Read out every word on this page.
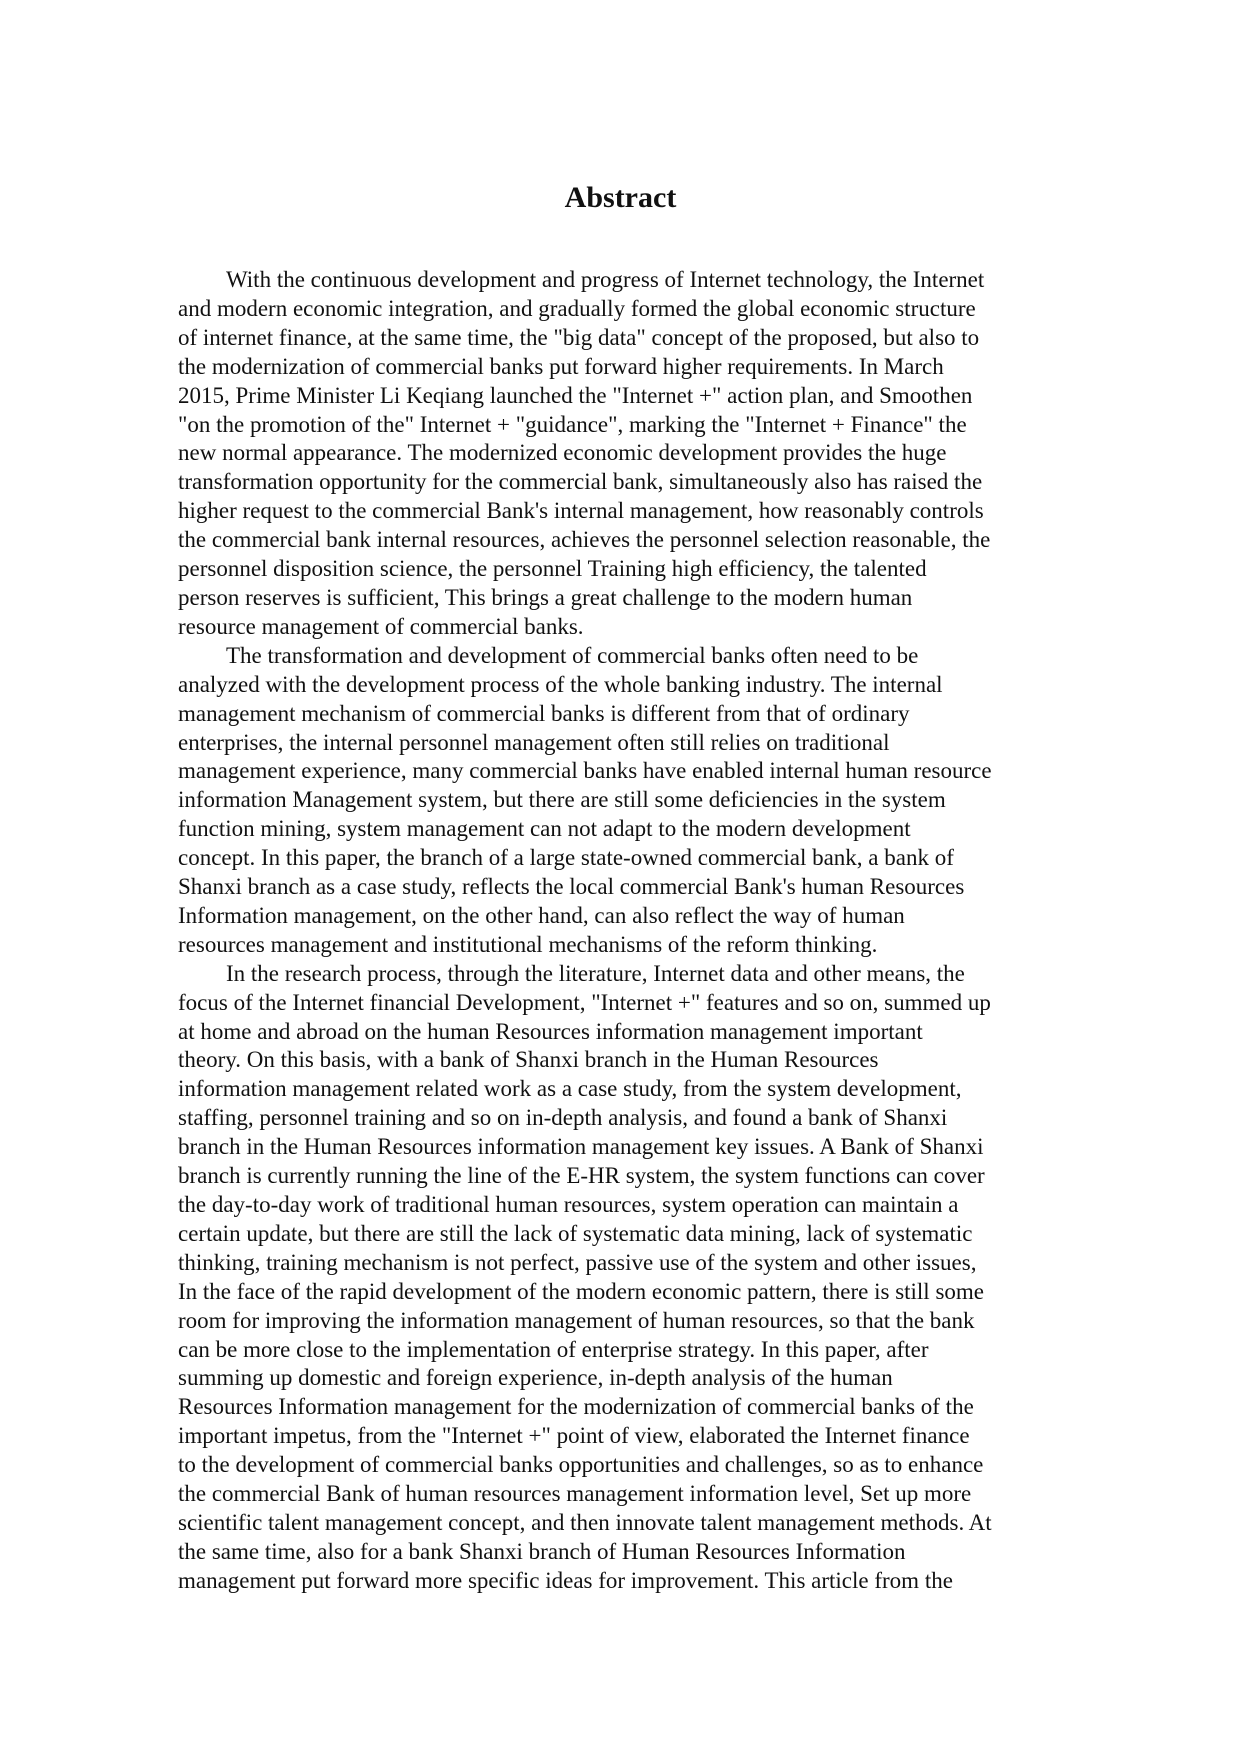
Abstract

With the continuous development and progress of Internet technology, the Internet
and modern economic integration, and gradually formed the global economic structure
of internet finance, at the same time, the "big data" concept of the proposed, but also to
the modernization of commercial banks put forward higher requirements. In March
2015, Prime Minister Li Keqiang launched the "Internet +" action plan, and Smoothen
"on the promotion of the" Internet + "guidance", marking the "Internet + Finance" the
new normal appearance. The modernized economic development provides the huge
transformation opportunity for the commercial bank, simultaneously also has raised the
higher request to the commercial Bank's internal management, how reasonably controls
the commercial bank internal resources, achieves the personnel selection reasonable, the
personnel disposition science, the personnel Training high efficiency, the talented
person reserves is sufficient, This brings a great challenge to the modern human
resource management of commercial banks.

The transformation and development of commercial banks often need to be
analyzed with the development process of the whole banking industry. The internal
management mechanism of commercial banks is different from that of ordinary
enterprises, the internal personnel management often still relies on traditional
management experience, many commercial banks have enabled internal human resource
information Management system, but there are still some deficiencies in the system
function mining, system management can not adapt to the modern development
concept. In this paper, the branch of a large state-owned commercial bank, a bank of
Shanxi branch as a case study, reflects the local commercial Bank's human Resources
Information management, on the other hand, can also reflect the way of human
resources management and institutional mechanisms of the reform thinking.

In the research process, through the literature, Internet data and other means, the
focus of the Internet financial Development, "Internet +" features and so on, summed up
at home and abroad on the human Resources information management important
theory. On this basis, with a bank of Shanxi branch in the Human Resources
information management related work as a case study, from the system development,
staffing, personnel training and so on in-depth analysis, and found a bank of Shanxi
branch in the Human Resources information management key issues. A Bank of Shanxi
branch is currently running the line of the E-HR system, the system functions can cover
the day-to-day work of traditional human resources, system operation can maintain a
certain update, but there are still the lack of systematic data mining, lack of systematic
thinking, training mechanism is not perfect, passive use of the system and other issues,
In the face of the rapid development of the modern economic pattern, there is still some
room for improving the information management of human resources, so that the bank
can be more close to the implementation of enterprise strategy. In this paper, after
summing up domestic and foreign experience, in-depth analysis of the human
Resources Information management for the modernization of commercial banks of the
important impetus, from the "Internet +" point of view, elaborated the Internet finance
to the development of commercial banks opportunities and challenges, so as to enhance
the commercial Bank of human resources management information level, Set up more
scientific talent management concept, and then innovate talent management methods. At
the same time, also for a bank Shanxi branch of Human Resources Information
management put forward more specific ideas for improvement. This article from the
